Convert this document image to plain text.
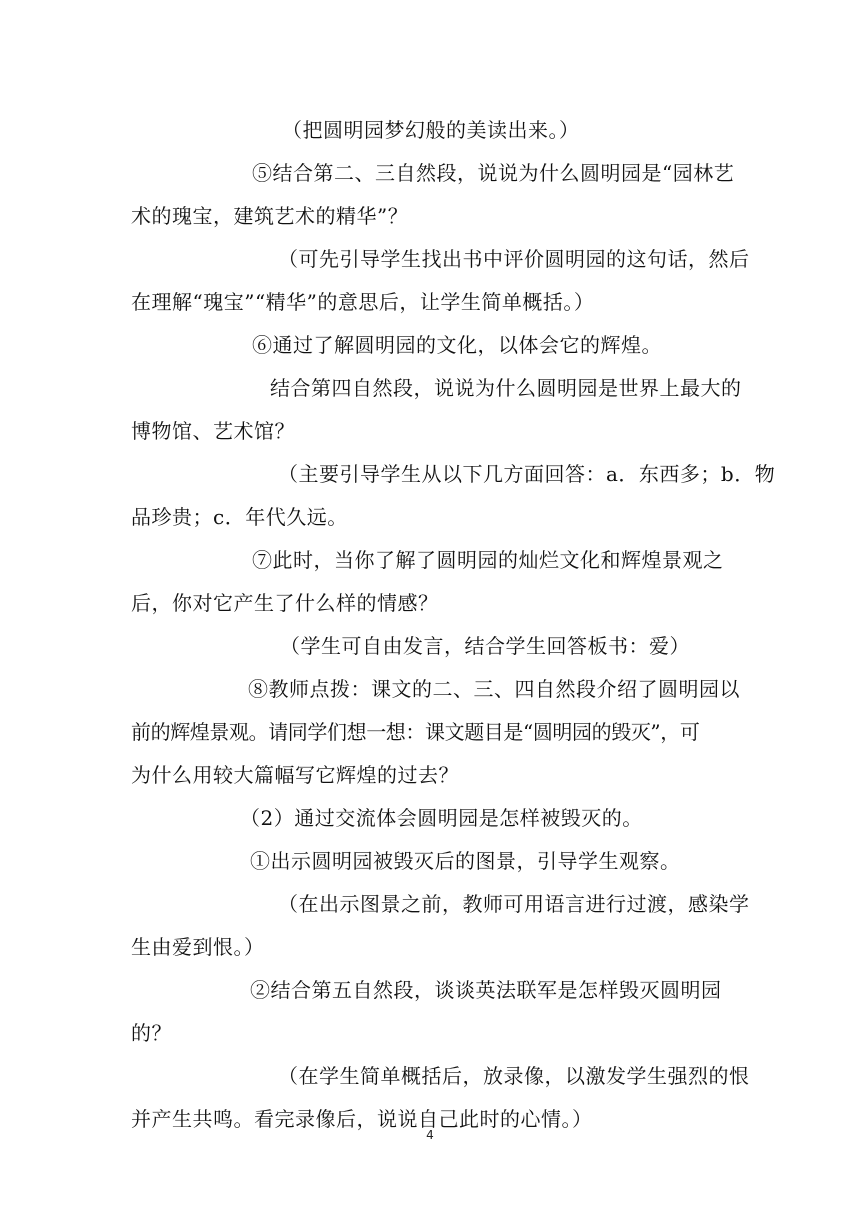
（把圆明园梦幻般的美读出来。）
⑤结合第二、三自然段，说说为什么圆明园是“园林艺
术的瑰宝，建筑艺术的精华”？
（可先引导学生找出书中评价圆明园的这句话，然后
在理解“瑰宝”“精华”的意思后，让学生简单概括。）
⑥通过了解圆明园的文化，以体会它的辉煌。
结合第四自然段，说说为什么圆明园是世界上最大的
博物馆、艺术馆？
（主要引导学生从以下几方面回答：a．东西多；b．物
品珍贵；c．年代久远。
⑦此时，当你了解了圆明园的灿烂文化和辉煌景观之
后，你对它产生了什么样的情感？
（学生可自由发言，结合学生回答板书：爱）
⑧教师点拨：课文的二、三、四自然段介绍了圆明园以
前的辉煌景观。请同学们想一想：课文题目是“圆明园的毁灭”，可
为什么用较大篇幅写它辉煌的过去？
（2）通过交流体会圆明园是怎样被毁灭的。
①出示圆明园被毁灭后的图景，引导学生观察。
（在出示图景之前，教师可用语言进行过渡，感染学
生由爱到恨。）
②结合第五自然段，谈谈英法联军是怎样毁灭圆明园
的？
（在学生简单概括后，放录像，以激发学生强烈的恨
并产生共鸣。看完录像后，说说自己此时的心情。）
4
